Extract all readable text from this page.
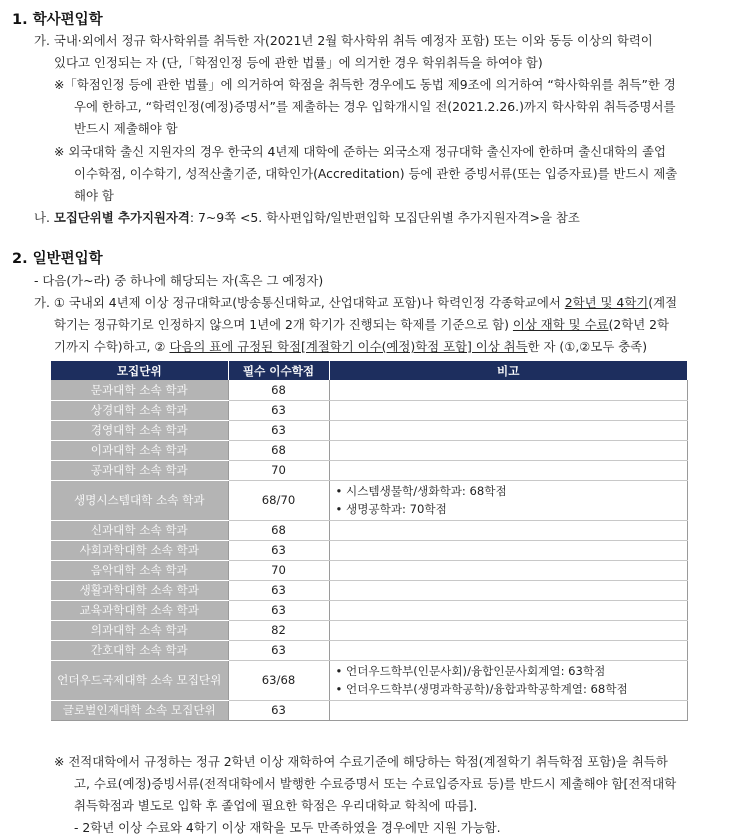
1. 학사편입학
가. 국내·외에서 정규 학사학위를 취득한 자(2021년 2월 학사학위 취득 예정자 포함) 또는 이와 동등 이상의 학력이
있다고 인정되는 자 (단,「학점인정 등에 관한 법률」에 의거한 경우 학위취득을 하여야 함)
※「학점인정 등에 관한 법률」에 의거하여 학점을 취득한 경우에도 동법 제9조에 의거하여 “학사학위를 취득”한 경
우에 한하고, “학력인정(예정)증명서”를 제출하는 경우 입학개시일 전(2021.2.26.)까지 학사학위 취득증명서를
반드시 제출해야 함
※ 외국대학 출신 지원자의 경우 한국의 4년제 대학에 준하는 외국소재 정규대학 출신자에 한하며 출신대학의 졸업
이수학점, 이수학기, 성적산출기준, 대학인가(Accreditation) 등에 관한 증빙서류(또는 입증자료)를 반드시 제출
해야 함
나. 모집단위별 추가지원자격: 7~9쪽 <5. 학사편입학/일반편입학 모집단위별 추가지원자격>을 참조
2. 일반편입학
- 다음(가~라) 중 하나에 해당되는 자(혹은 그 예정자)
가. ① 국내외 4년제 이상 정규대학교(방송통신대학교, 산업대학교 포함)나 학력인정 각종학교에서 2학년 및 4학기(계절
학기는 정규학기로 인정하지 않으며 1년에 2개 학기가 진행되는 학제를 기준으로 함) 이상 재학 및 수료(2학년 2학
기까지 수학)하고, ② 다음의 표에 규정된 학점[계절학기 이수(예정)학점 포함] 이상 취득한 자 (①,②모두 충족)
모집단위	필수 이수학점	비고
문과대학 소속 학과	68	
상경대학 소속 학과	63	
경영대학 소속 학과	63	
이과대학 소속 학과	68	
공과대학 소속 학과	70	
생명시스템대학 소속 학과	68/70	• 시스템생물학/생화학과: 68학점
• 생명공학과: 70학점

신과대학 소속 학과	68	
사회과학대학 소속 학과	63	
음악대학 소속 학과	70	
생활과학대학 소속 학과	63	
교육과학대학 소속 학과	63	
의과대학 소속 학과	82	
간호대학 소속 학과	63	
언더우드국제대학 소속 모집단위	63/68	• 언더우드학부(인문사회)/융합인문사회계열: 63학점
• 언더우드학부(생명과학공학)/융합과학공학계열: 68학점

글로벌인재대학 소속 모집단위	63	
※ 전적대학에서 규정하는 정규 2학년 이상 재학하여 수료기준에 해당하는 학점(계절학기 취득학점 포함)을 취득하
고, 수료(예정)증빙서류(전적대학에서 발행한 수료증명서 또는 수료입증자료 등)를 반드시 제출해야 함[전적대학
취득학점과 별도로 입학 후 졸업에 필요한 학점은 우리대학교 학칙에 따름].
- 2학년 이상 수료와 4학기 이상 재학을 모두 만족하였을 경우에만 지원 가능함.
